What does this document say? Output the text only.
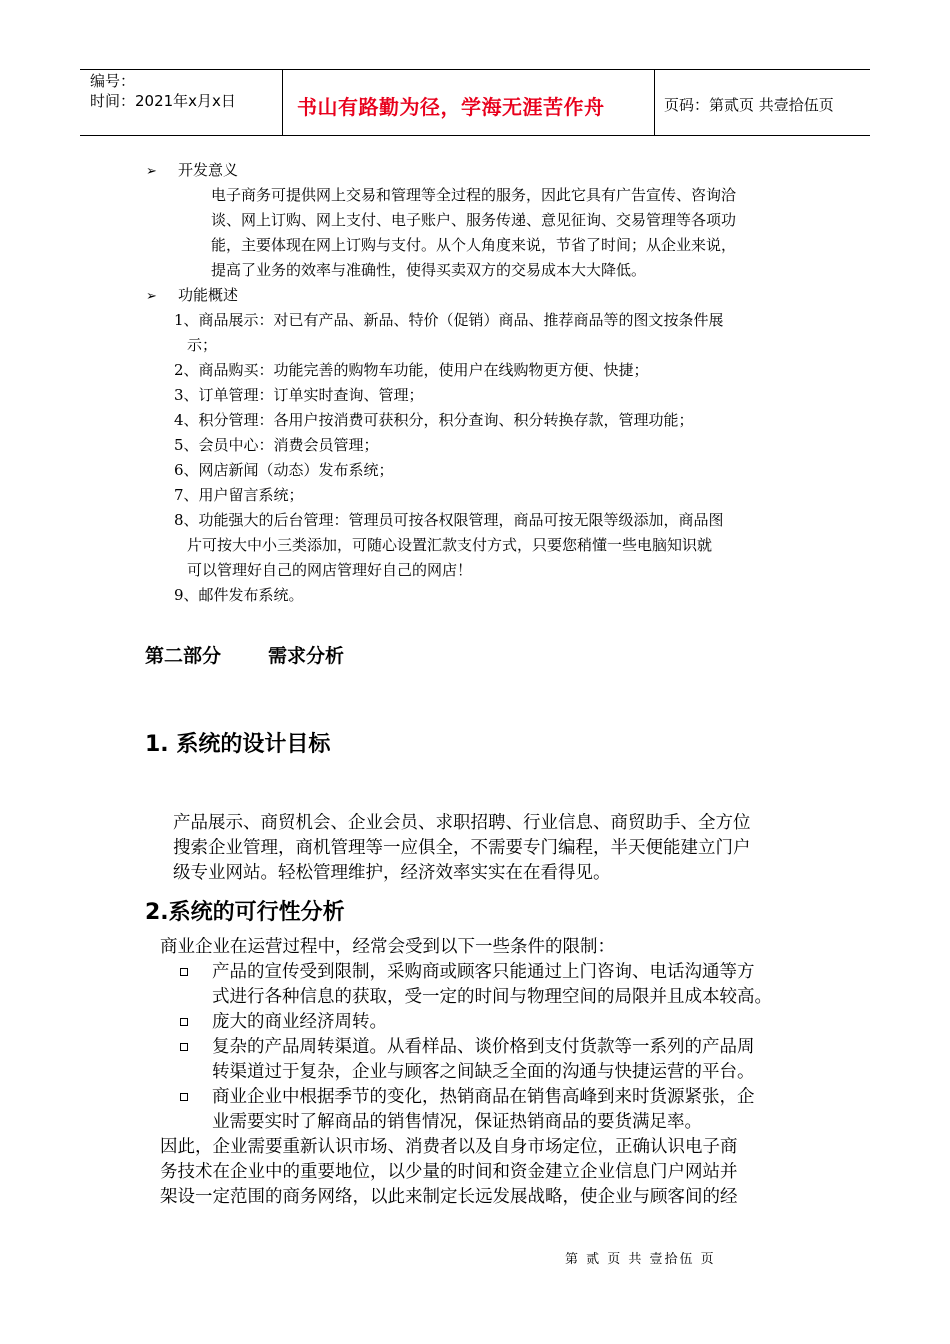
编号：
时间：2021年x月x日	书山有路勤为径，学海无涯苦作舟	页码：第贰页 共壹拾伍页
➢ 开发意义
电子商务可提供网上交易和管理等全过程的服务，因此它具有广告宣传、咨询洽
谈、网上订购、网上支付、电子账户、服务传递、意见征询、交易管理等各项功
能，主要体现在网上订购与支付。从个人角度来说，节省了时间；从企业来说，
提高了业务的效率与准确性，使得买卖双方的交易成本大大降低。
➢ 功能概述
1、商品展示：对已有产品、新品、特价（促销）商品、推荐商品等的图文按条件展
示；
2、商品购买：功能完善的购物车功能，使用户在线购物更方便、快捷；
3、订单管理：订单实时查询、管理；
4、积分管理：各用户按消费可获积分，积分查询、积分转换存款，管理功能；
5、会员中心：消费会员管理；
6、网店新闻（动态）发布系统；
7、用户留言系统；
8、功能强大的后台管理：管理员可按各权限管理，商品可按无限等级添加，商品图
片可按大中小三类添加，可随心设置汇款支付方式，只要您稍懂一些电脑知识就
可以管理好自己的网店管理好自己的网店！
9、邮件发布系统。
第二部分 需求分析
1. 系统的设计目标
产品展示、商贸机会、企业会员、求职招聘、行业信息、商贸助手、全方位
搜索企业管理，商机管理等一应俱全，不需要专门编程，半天便能建立门户
级专业网站。轻松管理维护，经济效率实实在在看得见。
2.系统的可行性分析
商业企业在运营过程中，经常会受到以下一些条件的限制：
产品的宣传受到限制，采购商或顾客只能通过上门咨询、电话沟通等方
式进行各种信息的获取，受一定的时间与物理空间的局限并且成本较高。
庞大的商业经济周转。
复杂的产品周转渠道。从看样品、谈价格到支付货款等一系列的产品周
转渠道过于复杂，企业与顾客之间缺乏全面的沟通与快捷运营的平台。
商业企业中根据季节的变化，热销商品在销售高峰到来时货源紧张，企
业需要实时了解商品的销售情况，保证热销商品的要货满足率。
因此，企业需要重新认识市场、消费者以及自身市场定位，正确认识电子商
务技术在企业中的重要地位，以少量的时间和资金建立企业信息门户网站并
架设一定范围的商务网络，以此来制定长远发展战略，使企业与顾客间的经
第 贰 页 共 壹拾伍 页
